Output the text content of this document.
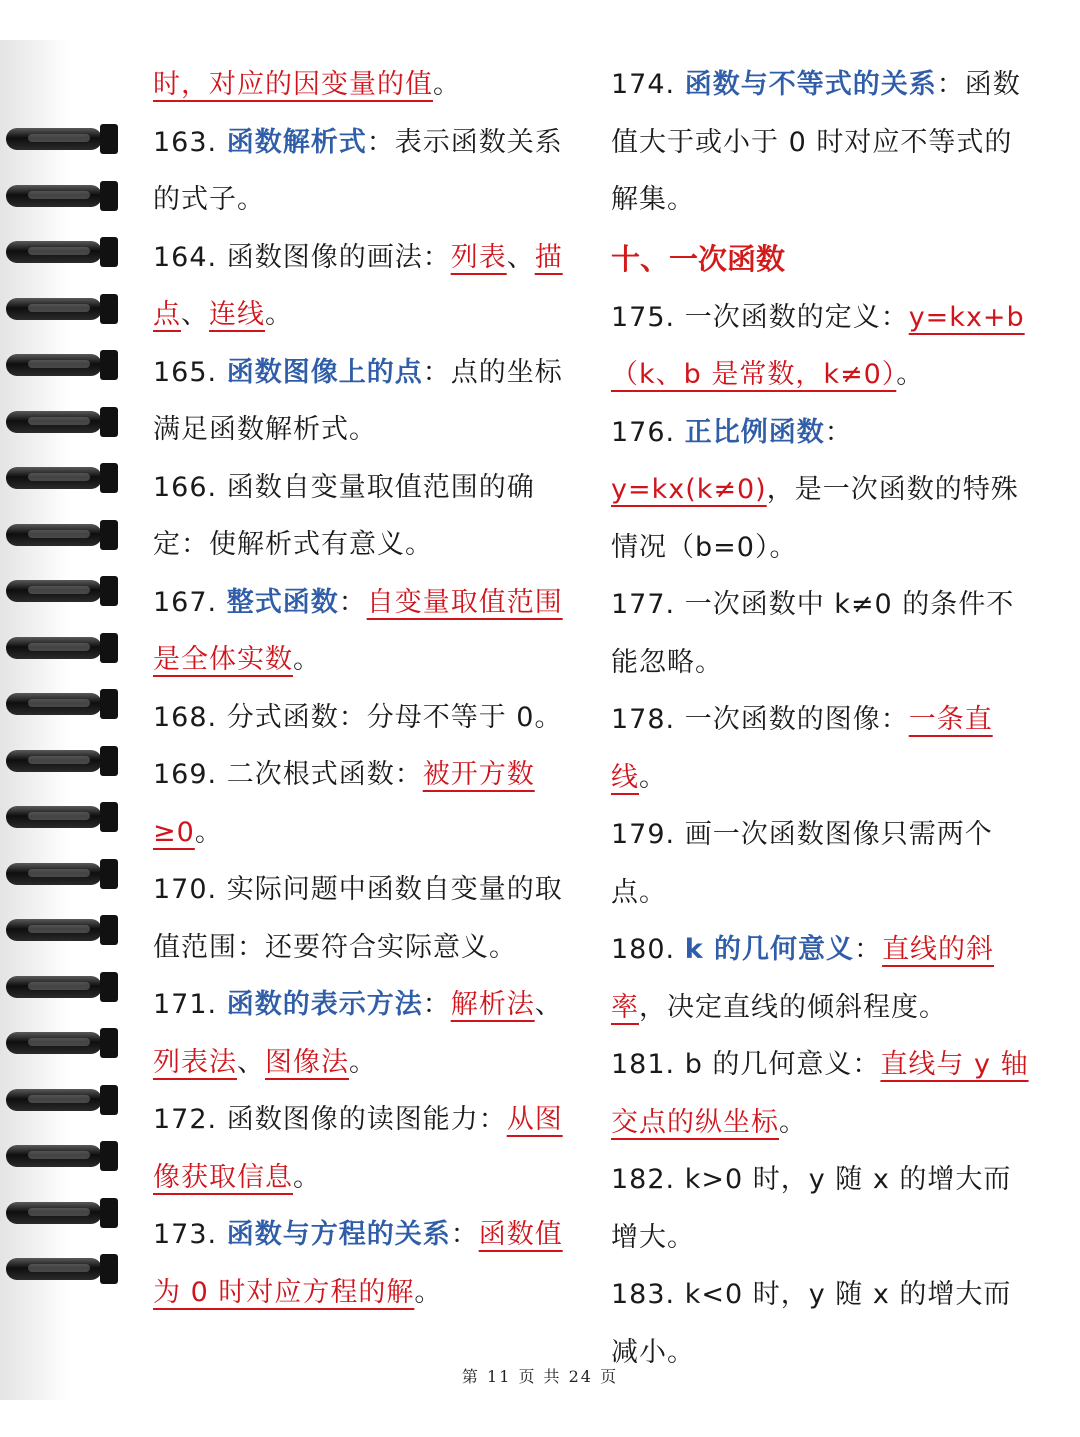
时，对应的因变量的值。

163. 函数解析式：表示函数关系的式子。

164. 函数图像的画法：列表、描点、连线。

165. 函数图像上的点：点的坐标满足函数解析式。

166. 函数自变量取值范围的确定：使解析式有意义。

167. 整式函数：自变量取值范围是全体实数。

168. 分式函数：分母不等于 0。

169. 二次根式函数：被开方数≥0。

170. 实际问题中函数自变量的取值范围：还要符合实际意义。

171. 函数的表示方法：解析法、列表法、图像法。

172. 函数图像的读图能力：从图像获取信息。

173. 函数与方程的关系：函数值为 0 时对应方程的解。

174. 函数与不等式的关系：函数值大于或小于 0 时对应不等式的解集。

十、一次函数

175. 一次函数的定义：y=kx+b（k、b 是常数，k≠0）。

176. 正比例函数：y=kx(k≠0)，是一次函数的特殊情况（b=0）。

177. 一次函数中 k≠0 的条件不能忽略。

178. 一次函数的图像：一条直线。

179. 画一次函数图像只需两个点。

180. k 的几何意义：直线的斜率，决定直线的倾斜程度。

181. b 的几何意义：直线与 y 轴交点的纵坐标。

182. k>0 时，y 随 x 的增大而增大。

183. k<0 时，y 随 x 的增大而减小。

第 11 页 共 24 页
